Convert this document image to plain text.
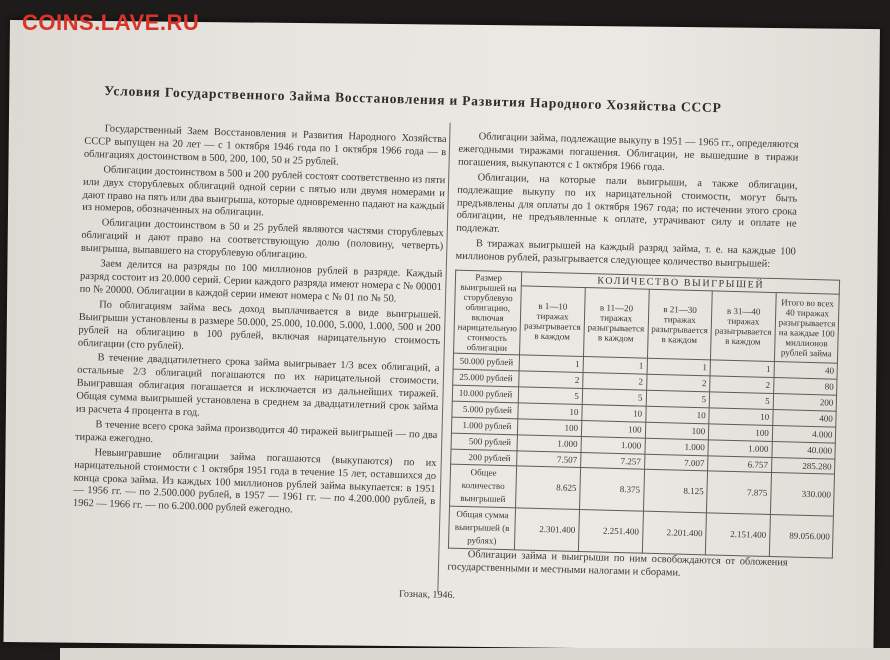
Условия Государственного Займа Восстановления и Развития Народного Хозяйства СССР

Государственный Заем Восстановления и Развития Народного Хозяйства СССР выпущен на 20 лет — с 1 октября 1946 года по 1 октября 1966 года — в облигациях достоинством в 500, 200, 100, 50 и 25 рублей.

Облигации достоинством в 500 и 200 рублей состоят соответственно из пяти или двух сторублевых облигаций одной серии с пятью или двумя номерами и дают право на пять или два выигрыша, которые одновременно падают на каждый из номеров, обозначенных на облигации.

Облигации достоинством в 50 и 25 рублей являются частями сторублевых облигаций и дают право на соответствующую долю (половину, четверть) выигрыша, выпавшего на сторублевую облигацию.

Заем делится на разряды по 100 миллионов рублей в разряде. Каждый разряд состоит из 20.000 серий. Серии каждого разряда имеют номера с № 00001 по № 20000. Облигации в каждой серии имеют номера с № 01 по № 50.

По облигациям займа весь доход выплачивается в виде выигрышей. Выигрыши установлены в размере 50.000, 25.000, 10.000, 5.000, 1.000, 500 и 200 рублей на облигацию в 100 рублей, включая нарицательную стоимость облигации (сто рублей).

В течение двадцатилетнего срока займа выигрывает 1/3 всех облигаций, а остальные 2/3 облигаций погашаются по их нарицательной стоимости. Выигравшая облигация погашается и исключается из дальнейших тиражей. Общая сумма выигрышей установлена в среднем за двадцатилетний срок займа из расчета 4 процента в год.

В течение всего срока займа производится 40 тиражей выигрышей — по два тиража ежегодно.

Невыигравшие облигации займа погашаются (выкупаются) по их нарицательной стоимости с 1 октября 1951 года в течение 15 лет, оставшихся до конца срока займа. Из каждых 100 миллионов рублей займа выкупается: в 1951 — 1956 гг. — по 2.500.000 рублей, в 1957 — 1961 гг. — по 4.200.000 рублей, в 1962 — 1966 гг. — по 6.200.000 рублей ежегодно.

Облигации займа, подлежащие выкупу в 1951 — 1965 гг., определяются ежегодными тиражами погашения. Облигации, не вышедшие в тиражи погашения, выкупаются с 1 октября 1966 года.

Облигации, на которые пали выигрыши, а также облигации, подлежащие выкупу по их нарицательной стоимости, могут быть предъявлены для оплаты до 1 октября 1967 года; по истечении этого срока облигации, не предъявленные к оплате, утрачивают силу и оплате не подлежат.

В тиражах выигрышей на каждый разряд займа, т. е. на каждые 100 миллионов рублей, разыгрывается следующее количество выигрышей:

Размер выигрышей на сторублевую облигацию, включая нарицательную стоимость облигации	КОЛИЧЕСТВО ВЫИГРЫШЕЙ				
	в 1—10 тиражах разыгрывается в каждом	в 11—20 тиражах разыгрывается в каждом	в 21—30 тиражах разыгрывается в каждом	в 31—40 тиражах разыгрывается в каждом	Итого во всех 40 тиражах разыгрывается на каждые 100 миллионов рублей займа
50.000 рублей	1	1	1	1	40
25.000 рублей	2	2	2	2	80
10.000 рублей	5	5	5	5	200
5.000 рублей	10	10	10	10	400
1.000 рублей	100	100	100	100	4.000
500 рублей	1.000	1.000	1.000	1.000	40.000
200 рублей	7.507	7.257	7.007	6.757	285.280
Общее количество выигрышей	8.625	8.375	8.125	7.875	330.000
Общая сумма выигрышей (в рублях)	2.301.400	2.251.400	2.201.400	2.151.400	89.056.000

Облигации займа и выигрыши по ним освобождаются от обложения государственными и местными налогами и сборами.

Гознак, 1946.
COINS.LAVE.RU
